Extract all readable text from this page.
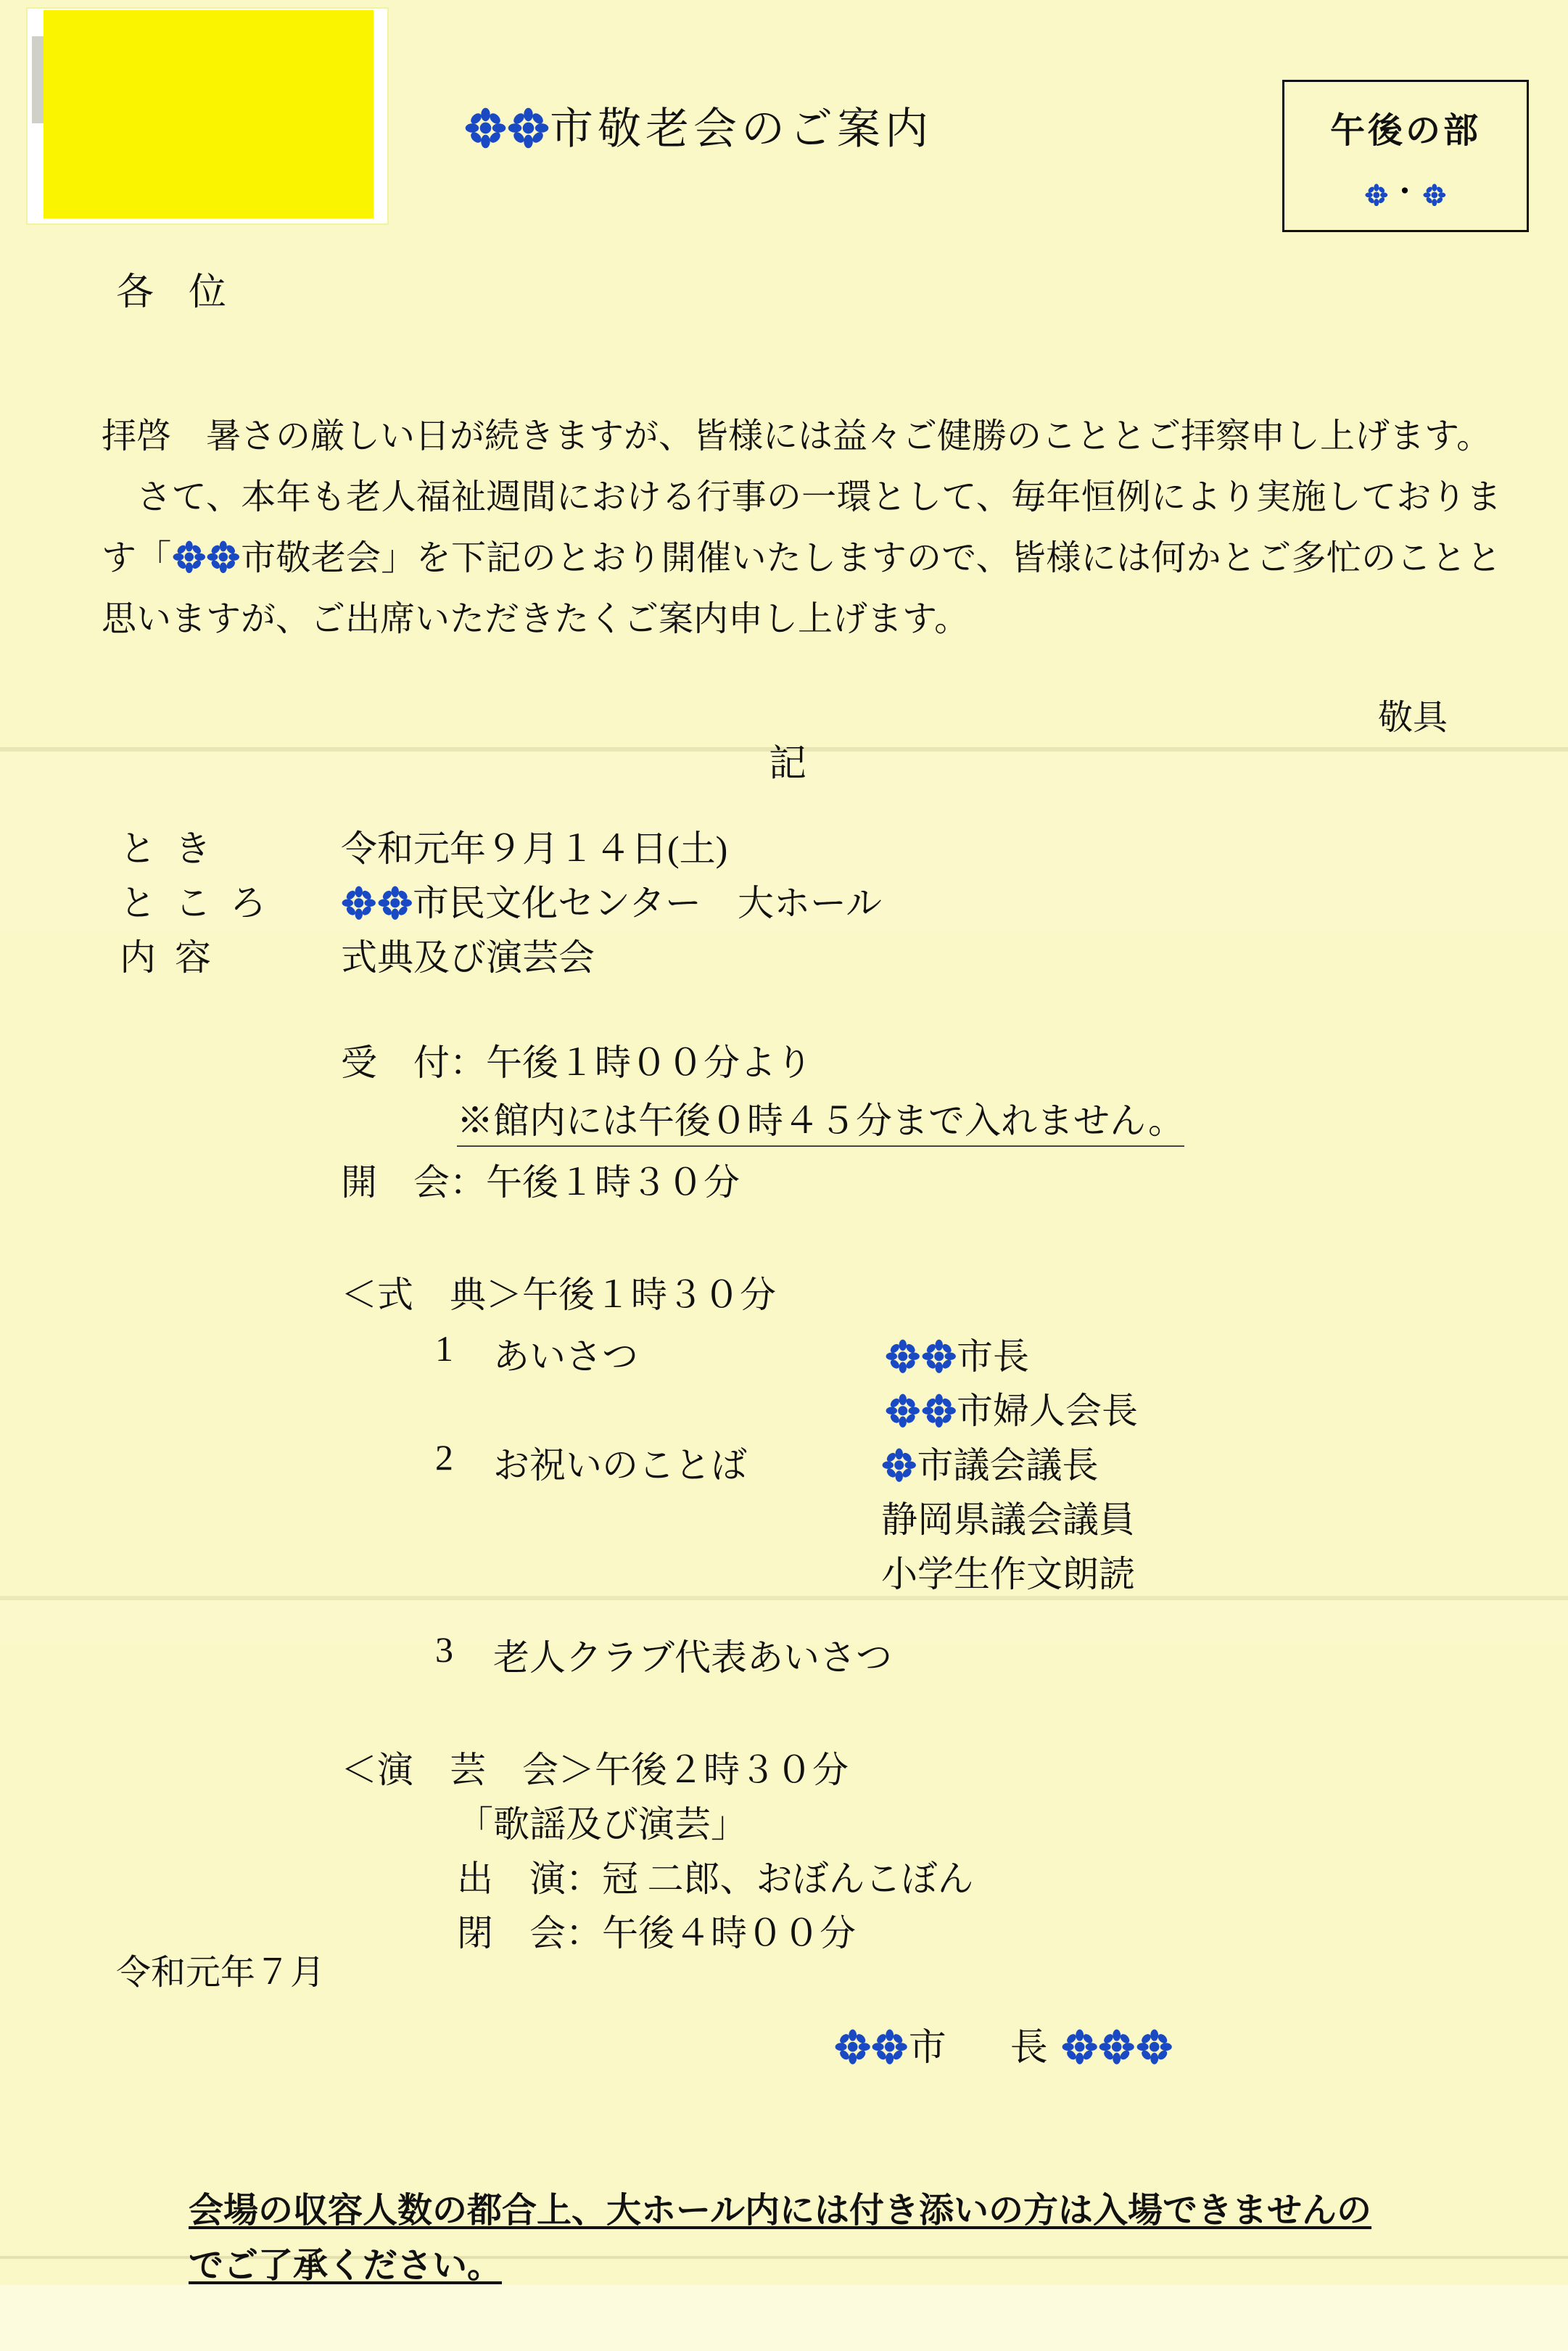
市敬老会のご案内	午後の部
・
各位
拝啓　暑さの厳しい日が続きますが、皆様には益々ご健勝のこととご拝察申し上げます。
さて、本年も老人福祉週間における行事の一環として、毎年恒例により実施しております「 市敬老会」を下記のとおり開催いたしますので、皆様には何かとご多忙のことと思いますが、ご出席いただきたくご案内申し上げます。
敬具
記
とき	令和元年９月１４日(土)
ところ	市民文化センター　大ホール
内容	式典及び演芸会
受　付：午後１時００分より
※館内には午後０時４５分まで入れません。
開　会：午後１時３０分
＜式　典＞午後１時３０分
1 あいさつ	市長
市婦人会長
2 お祝いのことば	市議会議長
静岡県議会議員
小学生作文朗読
3 老人クラブ代表あいさつ
＜演　芸　会＞午後２時３０分
「歌謡及び演芸」
出　演：冠 二郎、おぼんこぼん
閉　会：午後４時００分
令和元年７月
市　長
会場の収容人数の都合上、大ホール内には付き添いの方は入場できませんの
でご了承ください。
